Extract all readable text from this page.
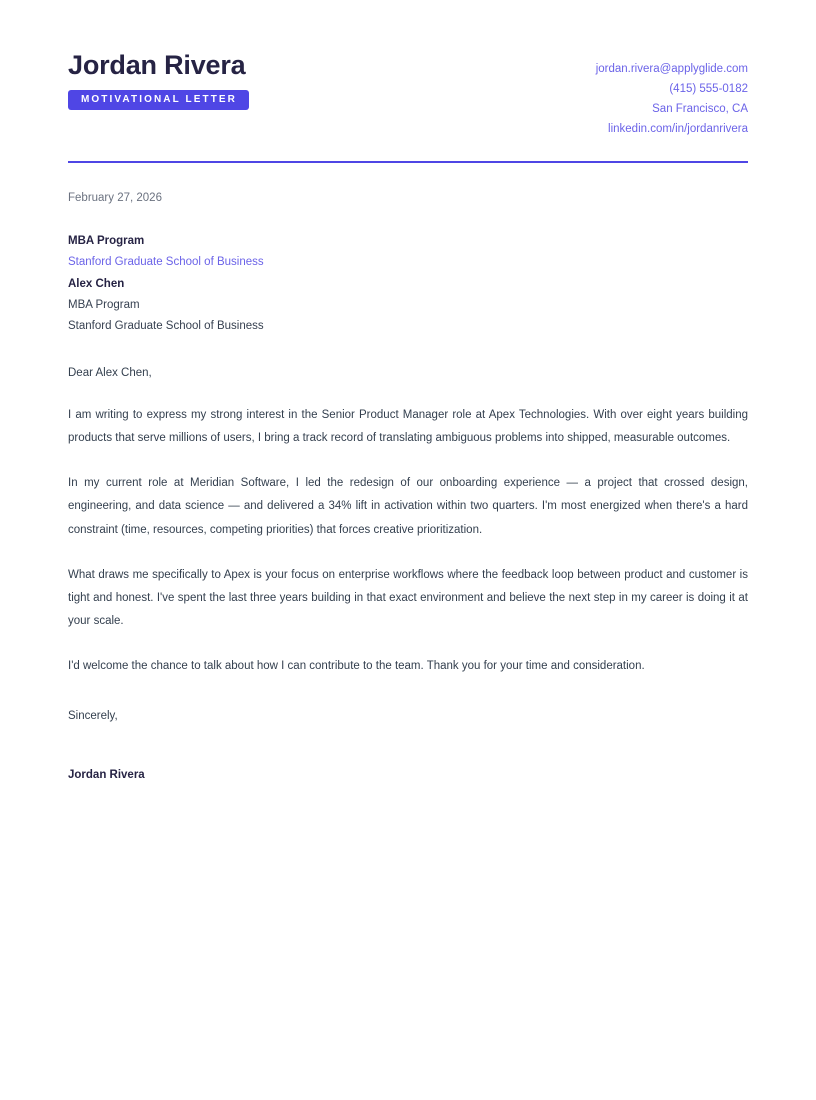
Jordan Rivera
MOTIVATIONAL LETTER
jordan.rivera@applyglide.com
(415) 555-0182
San Francisco, CA
linkedin.com/in/jordanrivera
February 27, 2026
MBA Program
Stanford Graduate School of Business
Alex Chen
MBA Program
Stanford Graduate School of Business
Dear Alex Chen,

I am writing to express my strong interest in the Senior Product Manager role at Apex Technologies. With over eight years building products that serve millions of users, I bring a track record of translating ambiguous problems into shipped, measurable outcomes.

In my current role at Meridian Software, I led the redesign of our onboarding experience — a project that crossed design, engineering, and data science — and delivered a 34% lift in activation within two quarters. I'm most energized when there's a hard constraint (time, resources, competing priorities) that forces creative prioritization.

What draws me specifically to Apex is your focus on enterprise workflows where the feedback loop between product and customer is tight and honest. I've spent the last three years building in that exact environment and believe the next step in my career is doing it at your scale.

I'd welcome the chance to talk about how I can contribute to the team. Thank you for your time and consideration.

Sincerely,
Jordan Rivera
